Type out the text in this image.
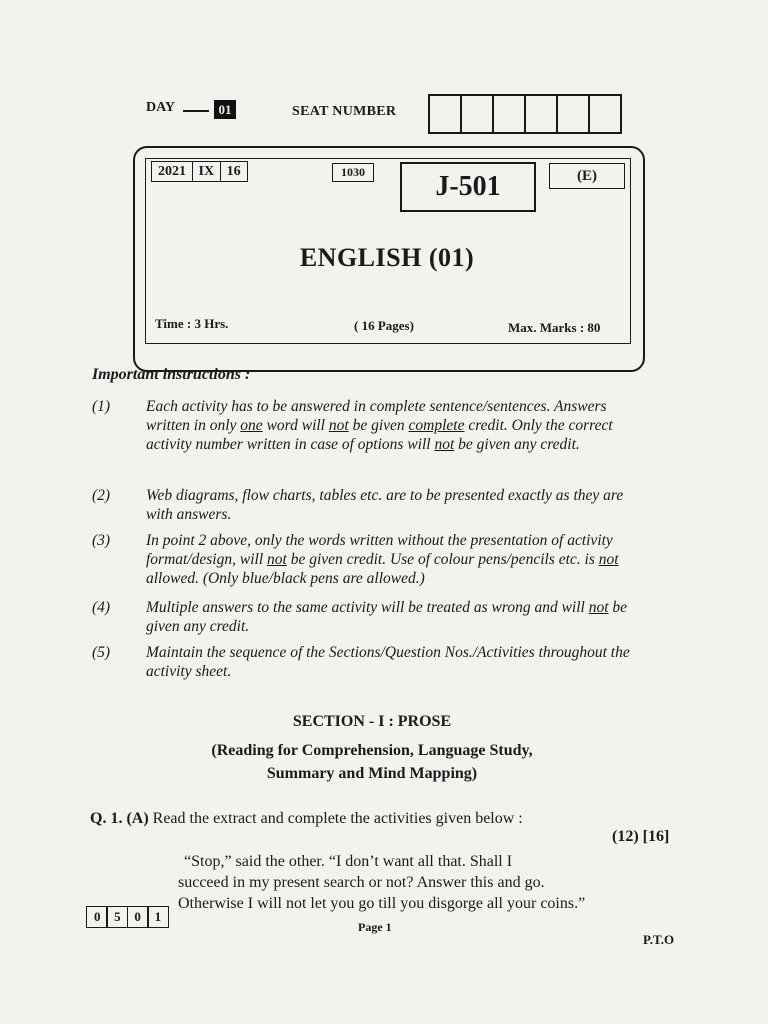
DAY	01	SEAT NUMBER
2021 IX 16	1030	J-501	(E)
ENGLISH (01)
Time : 3 Hrs.	( 16 Pages)	Max. Marks : 80
Important instructions :
(1)	Each activity has to be answered in complete sentence/sentences. Answers written in only one word will not be given complete credit. Only the correct activity number written in case of options will not be given any credit.
(2)	Web diagrams, flow charts, tables etc. are to be presented exactly as they are with answers.
(3)	In point 2 above, only the words written without the presentation of activity format/design, will not be given credit. Use of colour pens/pencils etc. is not allowed. (Only blue/black pens are allowed.)
(4)	Multiple answers to the same activity will be treated as wrong and will not be given any credit.
(5)	Maintain the sequence of the Sections/Question Nos./Activities throughout the activity sheet.
SECTION - I : PROSE
(Reading for Comprehension, Language Study,
Summary and Mind Mapping)
Q. 1. (A) Read the extract and complete the activities given below :
(12) [16]
“Stop,” said the other. “I don’t want all that. Shall I
succeed in my present search or not? Answer this and go.
Otherwise I will not let you go till you disgorge all your coins.”
0	5	0	1
Page 1
P.T.O
